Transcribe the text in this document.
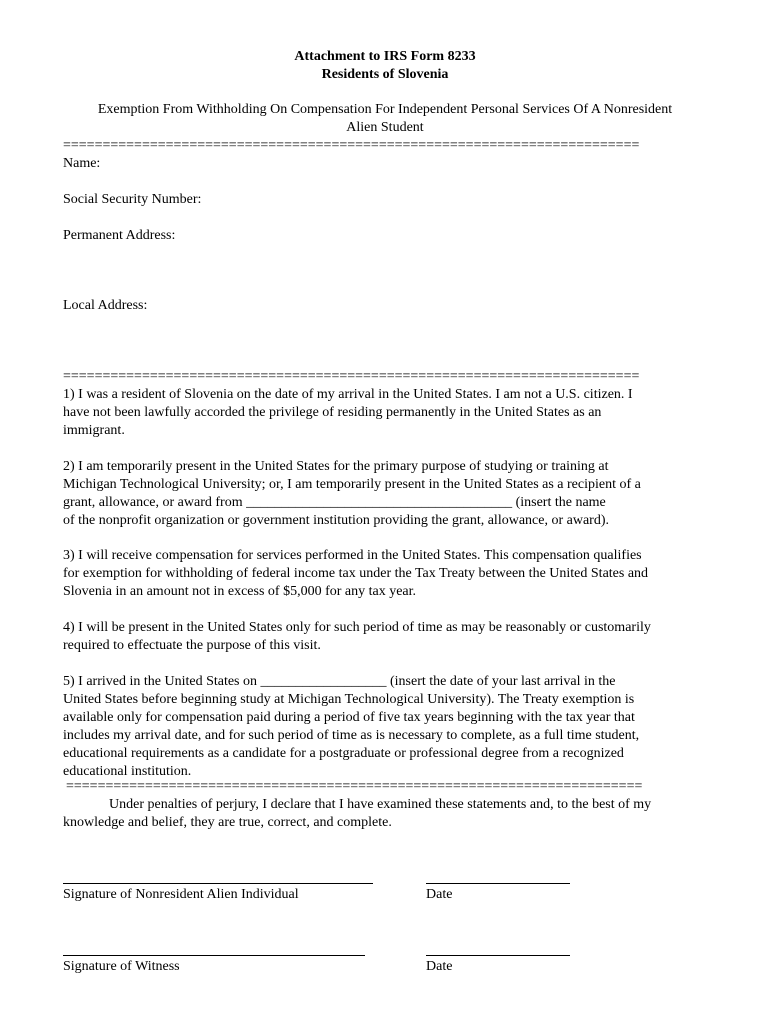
Attachment to IRS Form 8233
Residents of Slovenia
Exemption From Withholding On Compensation For Independent Personal Services Of A Nonresident
Alien Student
=========================================================================
Name:
Social Security Number:
Permanent Address:
Local Address:
=========================================================================
1) I was a resident of Slovenia on the date of my arrival in the United States. I am not a U.S. citizen. I
have not been lawfully accorded the privilege of residing permanently in the United States as an
immigrant.
2) I am temporarily present in the United States for the primary purpose of studying or training at
Michigan Technological University; or, I am temporarily present in the United States as a recipient of a
grant, allowance, or award from ______________________________________ (insert the name
of the nonprofit organization or government institution providing the grant, allowance, or award).
3) I will receive compensation for services performed in the United States. This compensation qualifies
for exemption for withholding of federal income tax under the Tax Treaty between the United States and
Slovenia in an amount not in excess of $5,000 for any tax year.
4) I will be present in the United States only for such period of time as may be reasonably or customarily
required to effectuate the purpose of this visit.
5) I arrived in the United States on __________________ (insert the date of your last arrival in the
United States before beginning study at Michigan Technological University). The Treaty exemption is
available only for compensation paid during a period of five tax years beginning with the tax year that
includes my arrival date, and for such period of time as is necessary to complete, as a full time student,
educational requirements as a candidate for a postgraduate or professional degree from a recognized
educational institution.
=========================================================================
Under penalties of perjury, I declare that I have examined these statements and, to the best of my
knowledge and belief, they are true, correct, and complete.
Signature of Nonresident Alien Individual	Date
Signature of Witness	Date
